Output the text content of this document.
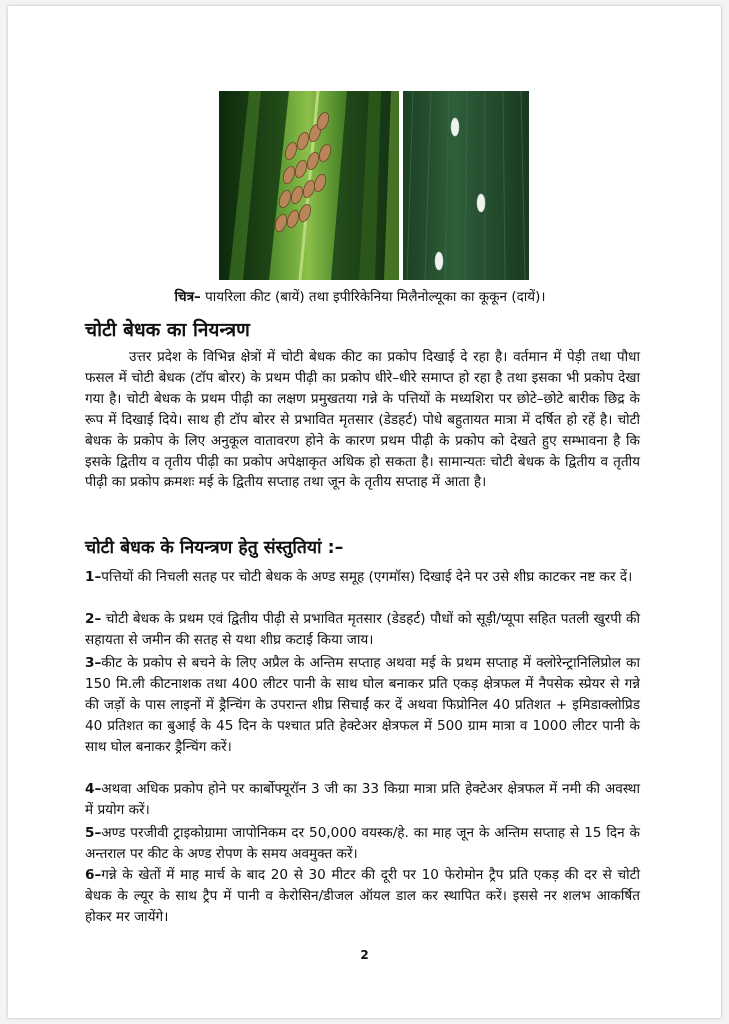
चित्र– पायरिला कीट (बायें) तथा इपीरिकेनिया मिलैनोल्यूका का कूकून (दायें)।
चोटी बेधक का नियन्त्रण
उत्तर प्रदेश के विभिन्न क्षेत्रों में चोटी बेधक कीट का प्रकोप दिखाई दे रहा है। वर्तमान में पेड़ी तथा पौधा फसल में चोटी बेधक (टॉप बोरर) के प्रथम पीढ़ी का प्रकोप धीरे–धीरे समाप्त हो रहा है तथा इसका भी प्रकोप देखा गया है। चोटी बेधक के प्रथम पीढ़ी का लक्षण प्रमुखतया गन्ने के पत्तियों के मध्यशिरा पर छोटे–छोटे बारीक छिद्र के रूप में दिखाई दिये। साथ ही टॉप बोरर से प्रभावित मृतसार (डेडहर्ट) पोधे बहुतायत मात्रा में दर्षित हो रहें है। चोटी बेधक के प्रकोप के लिए अनुकूल वातावरण होने के कारण प्रथम पीढ़ी के प्रकोप को देखते हुए सम्भावना है कि इसके द्वितीय व तृतीय पीढ़ी का प्रकोप अपेक्षाकृत अधिक हो सकता है। सामान्यतः चोटी बेधक के द्वितीय व तृतीय पीढ़ी का प्रकोप क्रमशः मई के द्वितीय सप्ताह तथा जून के तृतीय सप्ताह में आता है।
चोटी बेधक के नियन्त्रण हेतु संस्तुतियां :–
1–पत्तियों की निचली सतह पर चोटी बेधक के अण्ड समूह (एगमॉस) दिखाई देने पर उसे शीघ्र काटकर नष्ट कर दें।
2– चोटी बेधक के प्रथम एवं द्वितीय पीढ़ी से प्रभावित मृतसार (डेडहर्ट) पौधों को सूड़ी/प्यूपा सहित पतली खुरपी की सहायता से जमीन की सतह से यथा शीघ्र कटाई किया जाय।
3–कीट के प्रकोप से बचने के लिए अप्रैल के अन्तिम सप्ताह अथवा मई के प्रथम सप्ताह में क्लोरेन्ट्रानिलिप्रोल का 150 मि.ली कीटनाशक तथा 400 लीटर पानी के साथ घोल बनाकर प्रति एकड़ क्षेत्रफल में नैपसेक स्प्रेयर से गन्ने की जड़ों के पास लाइनों में ड्रैन्चिंग के उपरान्त शीघ्र सिचाईं कर दें अथवा फिप्रोनिल 40 प्रतिशत + इमिडाक्लोप्रिड 40 प्रतिशत का बुआई के 45 दिन के पश्चात प्रति हेक्टेअर क्षेत्रफल में 500 ग्राम मात्रा व 1000 लीटर पानी के साथ घोल बनाकर ड्रैन्चिंग करें।
4–अथवा अधिक प्रकोप होने पर कार्बोफ्यूरॉन 3 जी का 33 किग्रा मात्रा प्रति हेक्टेअर क्षेत्रफल में नमी की अवस्था में प्रयोग करें।
5–अण्ड परजीवी ट्राइकोग्रामा जापोनिकम दर 50,000 वयस्क/हे. का माह जून के अन्तिम सप्ताह से 15 दिन के अन्तराल पर कीट के अण्ड रोपण के समय अवमुक्त करें।
6–गन्ने के खेतों में माह मार्च के बाद 20 से 30 मीटर की दूरी पर 10 फेरोमोन ट्रैप प्रति एकड़ की दर से चोटी बेधक के ल्यूर के साथ ट्रैप में पानी व केरोसिन/डीजल ऑयल डाल कर स्थापित करें। इससे नर शलभ आकर्षित होकर मर जायेंगे।
2
